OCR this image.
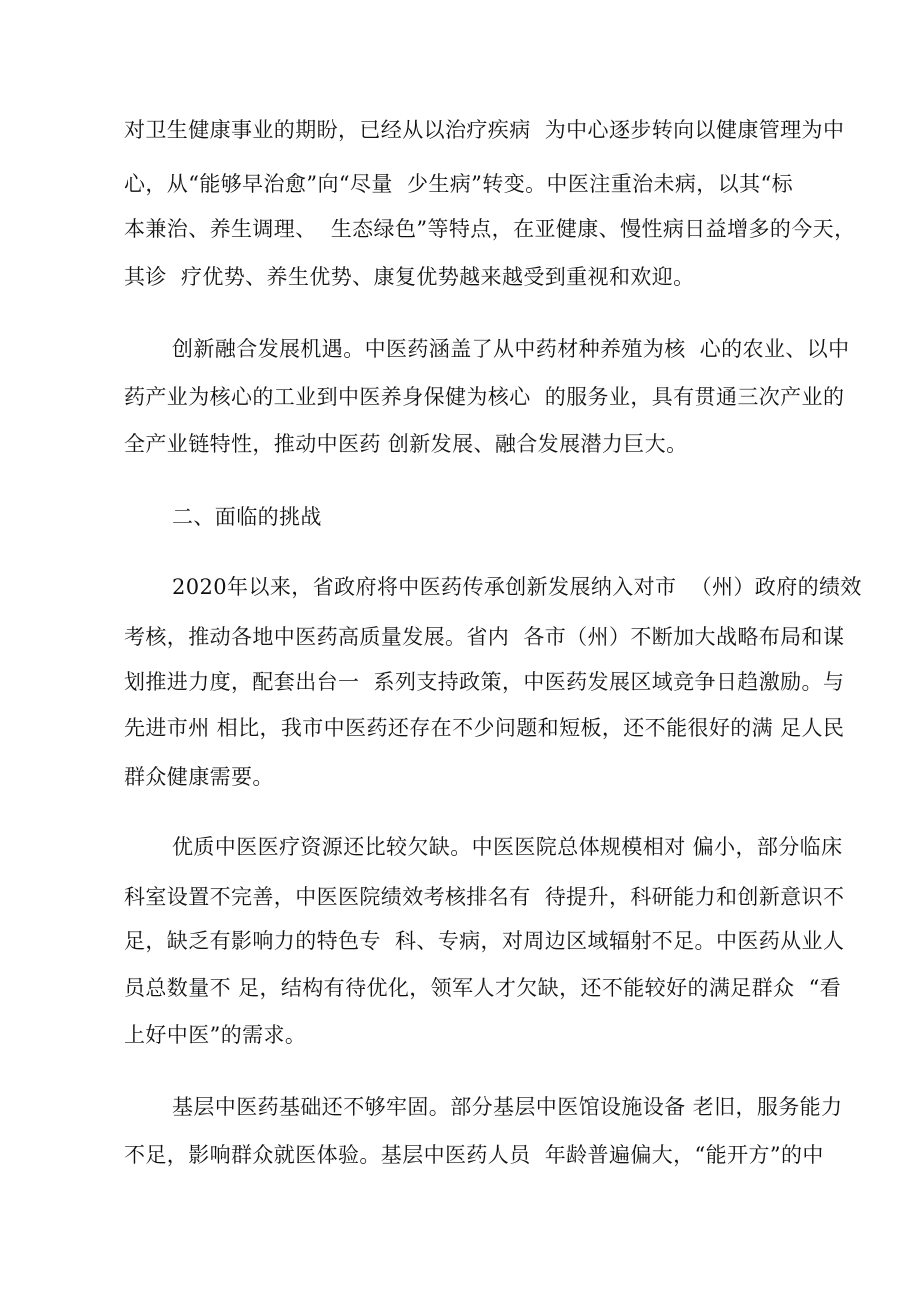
对卫生健康事业的期盼，已经从以治疗疾病  为中心逐步转向以健康管理为中
心，从“能够早治愈”向“尽量  少生病”转变。中医注重治未病，以其“标
本兼治、养生调理、  生态绿色”等特点，在亚健康、慢性病日益增多的今天，
其诊  疗优势、养生优势、康复优势越来越受到重视和欢迎。
创新融合发展机遇。中医药涵盖了从中药材种养殖为核  心的农业、以中
药产业为核心的工业到中医养身保健为核心  的服务业，具有贯通三次产业的
全产业链特性，推动中医药 创新发展、融合发展潜力巨大。
二、面临的挑战
2020年以来，省政府将中医药传承创新发展纳入对市  （州）政府的绩效
考核，推动各地中医药高质量发展。省内  各市（州）不断加大战略布局和谋
划推进力度，配套出台一  系列支持政策，中医药发展区域竞争日趋激励。与
先进市州 相比，我市中医药还存在不少问题和短板，还不能很好的满 足人民
群众健康需要。
优质中医医疗资源还比较欠缺。中医医院总体规模相对 偏小，部分临床
科室设置不完善，中医医院绩效考核排名有  待提升，科研能力和创新意识不
足，缺乏有影响力的特色专  科、专病，对周边区域辐射不足。中医药从业人
员总数量不 足，结构有待优化，领军人才欠缺，还不能较好的满足群众  “看
上好中医”的需求。
基层中医药基础还不够牢固。部分基层中医馆设施设备 老旧，服务能力
不足，影响群众就医体验。基层中医药人员  年龄普遍偏大，“能开方”的中
